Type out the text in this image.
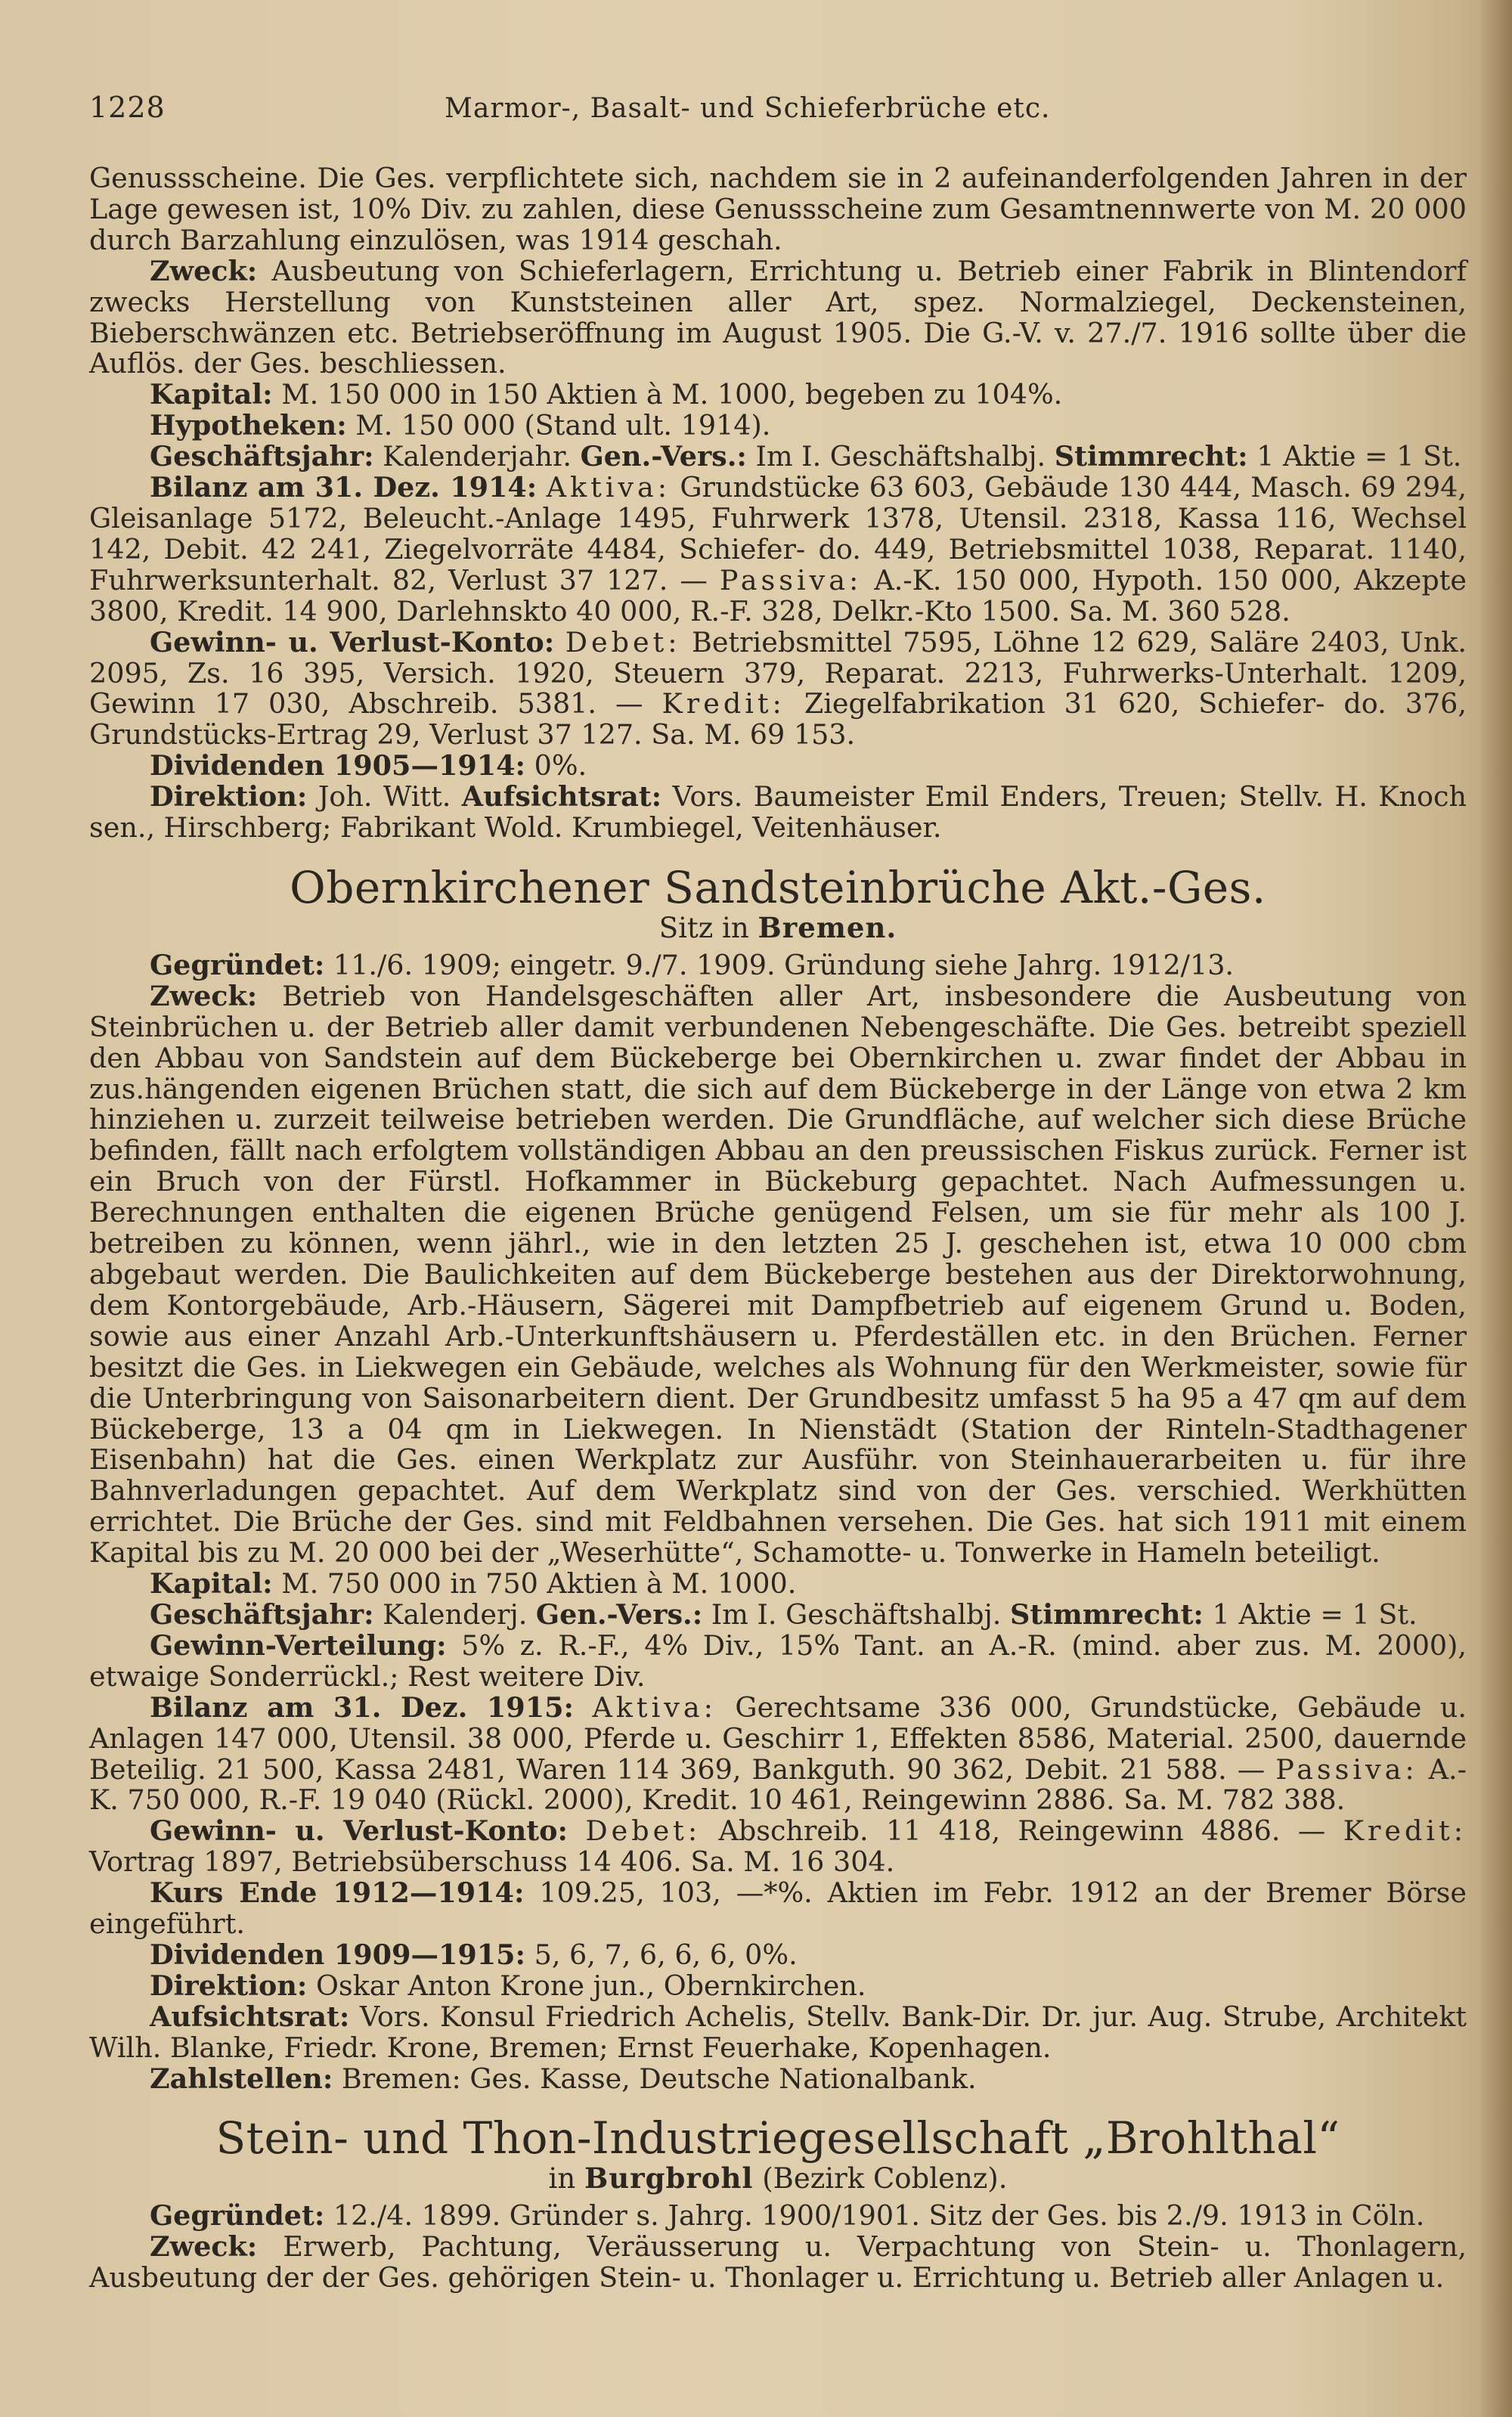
1228	Marmor-, Basalt- und Schieferbrüche etc.

Genussscheine. Die Ges. verpflichtete sich, nachdem sie in 2 aufeinanderfolgenden Jahren in der Lage gewesen ist, 10% Div. zu zahlen, diese Genussscheine zum Gesamtnennwerte von M. 20 000 durch Barzahlung einzulösen, was 1914 geschah.

Zweck: Ausbeutung von Schieferlagern, Errichtung u. Betrieb einer Fabrik in Blintendorf zwecks Herstellung von Kunststeinen aller Art, spez. Normalziegel, Deckensteinen, Bieberschwänzen etc. Betriebseröffnung im August 1905. Die G.-V. v. 27./7. 1916 sollte über die Auflös. der Ges. beschliessen.

Kapital: M. 150 000 in 150 Aktien à M. 1000, begeben zu 104%.

Hypotheken: M. 150 000 (Stand ult. 1914).

Geschäftsjahr: Kalenderjahr. Gen.-Vers.: Im I. Geschäftshalbj. Stimmrecht: 1 Aktie = 1 St.

Bilanz am 31. Dez. 1914: Aktiva: Grundstücke 63 603, Gebäude 130 444, Masch. 69 294, Gleisanlage 5172, Beleucht.-Anlage 1495, Fuhrwerk 1378, Utensil. 2318, Kassa 116, Wechsel 142, Debit. 42 241, Ziegelvorräte 4484, Schiefer- do. 449, Betriebsmittel 1038, Reparat. 1140, Fuhrwerksunterhalt. 82, Verlust 37 127. — Passiva: A.-K. 150 000, Hypoth. 150 000, Akzepte 3800, Kredit. 14 900, Darlehnskto 40 000, R.-F. 328, Delkr.-Kto 1500. Sa. M. 360 528.

Gewinn- u. Verlust-Konto: Debet: Betriebsmittel 7595, Löhne 12 629, Saläre 2403, Unk. 2095, Zs. 16 395, Versich. 1920, Steuern 379, Reparat. 2213, Fuhrwerks-Unterhalt. 1209, Gewinn 17 030, Abschreib. 5381. — Kredit: Ziegelfabrikation 31 620, Schiefer- do. 376, Grundstücks-Ertrag 29, Verlust 37 127. Sa. M. 69 153.

Dividenden 1905—1914: 0%.

Direktion: Joh. Witt. Aufsichtsrat: Vors. Baumeister Emil Enders, Treuen; Stellv. H. Knoch sen., Hirschberg; Fabrikant Wold. Krumbiegel, Veitenhäuser.

Obernkirchener Sandsteinbrüche Akt.-Ges.
Sitz in Bremen.

Gegründet: 11./6. 1909; eingetr. 9./7. 1909. Gründung siehe Jahrg. 1912/13.

Zweck: Betrieb von Handelsgeschäften aller Art, insbesondere die Ausbeutung von Steinbrüchen u. der Betrieb aller damit verbundenen Nebengeschäfte. Die Ges. betreibt speziell den Abbau von Sandstein auf dem Bückeberge bei Obernkirchen u. zwar findet der Abbau in zus.hängenden eigenen Brüchen statt, die sich auf dem Bückeberge in der Länge von etwa 2 km hinziehen u. zurzeit teilweise betrieben werden. Die Grundfläche, auf welcher sich diese Brüche befinden, fällt nach erfolgtem vollständigen Abbau an den preussischen Fiskus zurück. Ferner ist ein Bruch von der Fürstl. Hofkammer in Bückeburg gepachtet. Nach Aufmessungen u. Berechnungen enthalten die eigenen Brüche genügend Felsen, um sie für mehr als 100 J. betreiben zu können, wenn jährl., wie in den letzten 25 J. geschehen ist, etwa 10 000 cbm abgebaut werden. Die Baulichkeiten auf dem Bückeberge bestehen aus der Direktorwohnung, dem Kontorgebäude, Arb.-Häusern, Sägerei mit Dampfbetrieb auf eigenem Grund u. Boden, sowie aus einer Anzahl Arb.-Unterkunftshäusern u. Pferdeställen etc. in den Brüchen. Ferner besitzt die Ges. in Liekwegen ein Gebäude, welches als Wohnung für den Werkmeister, sowie für die Unterbringung von Saisonarbeitern dient. Der Grundbesitz umfasst 5 ha 95 a 47 qm auf dem Bückeberge, 13 a 04 qm in Liekwegen. In Nienstädt (Station der Rinteln-Stadthagener Eisenbahn) hat die Ges. einen Werkplatz zur Ausführ. von Steinhauerarbeiten u. für ihre Bahnverladungen gepachtet. Auf dem Werkplatz sind von der Ges. verschied. Werkhütten errichtet. Die Brüche der Ges. sind mit Feldbahnen versehen. Die Ges. hat sich 1911 mit einem Kapital bis zu M. 20 000 bei der „Weserhütte“, Schamotte- u. Tonwerke in Hameln beteiligt.

Kapital: M. 750 000 in 750 Aktien à M. 1000.

Geschäftsjahr: Kalenderj. Gen.-Vers.: Im I. Geschäftshalbj. Stimmrecht: 1 Aktie = 1 St.

Gewinn-Verteilung: 5% z. R.-F., 4% Div., 15% Tant. an A.-R. (mind. aber zus. M. 2000), etwaige Sonderrückl.; Rest weitere Div.

Bilanz am 31. Dez. 1915: Aktiva: Gerechtsame 336 000, Grundstücke, Gebäude u. Anlagen 147 000, Utensil. 38 000, Pferde u. Geschirr 1, Effekten 8586, Material. 2500, dauernde Beteilig. 21 500, Kassa 2481, Waren 114 369, Bankguth. 90 362, Debit. 21 588. — Passiva: A.-K. 750 000, R.-F. 19 040 (Rückl. 2000), Kredit. 10 461, Reingewinn 2886. Sa. M. 782 388.

Gewinn- u. Verlust-Konto: Debet: Abschreib. 11 418, Reingewinn 4886. — Kredit: Vortrag 1897, Betriebsüberschuss 14 406. Sa. M. 16 304.

Kurs Ende 1912—1914: 109.25, 103, —*%. Aktien im Febr. 1912 an der Bremer Börse eingeführt.

Dividenden 1909—1915: 5, 6, 7, 6, 6, 6, 0%.

Direktion: Oskar Anton Krone jun., Obernkirchen.

Aufsichtsrat: Vors. Konsul Friedrich Achelis, Stellv. Bank-Dir. Dr. jur. Aug. Strube, Architekt Wilh. Blanke, Friedr. Krone, Bremen; Ernst Feuerhake, Kopenhagen.

Zahlstellen: Bremen: Ges. Kasse, Deutsche Nationalbank.

Stein- und Thon-Industriegesellschaft „Brohlthal“
in Burgbrohl (Bezirk Coblenz).

Gegründet: 12./4. 1899. Gründer s. Jahrg. 1900/1901. Sitz der Ges. bis 2./9. 1913 in Cöln.

Zweck: Erwerb, Pachtung, Veräusserung u. Verpachtung von Stein- u. Thonlagern, Ausbeutung der der Ges. gehörigen Stein- u. Thonlager u. Errichtung u. Betrieb aller Anlagen u.
